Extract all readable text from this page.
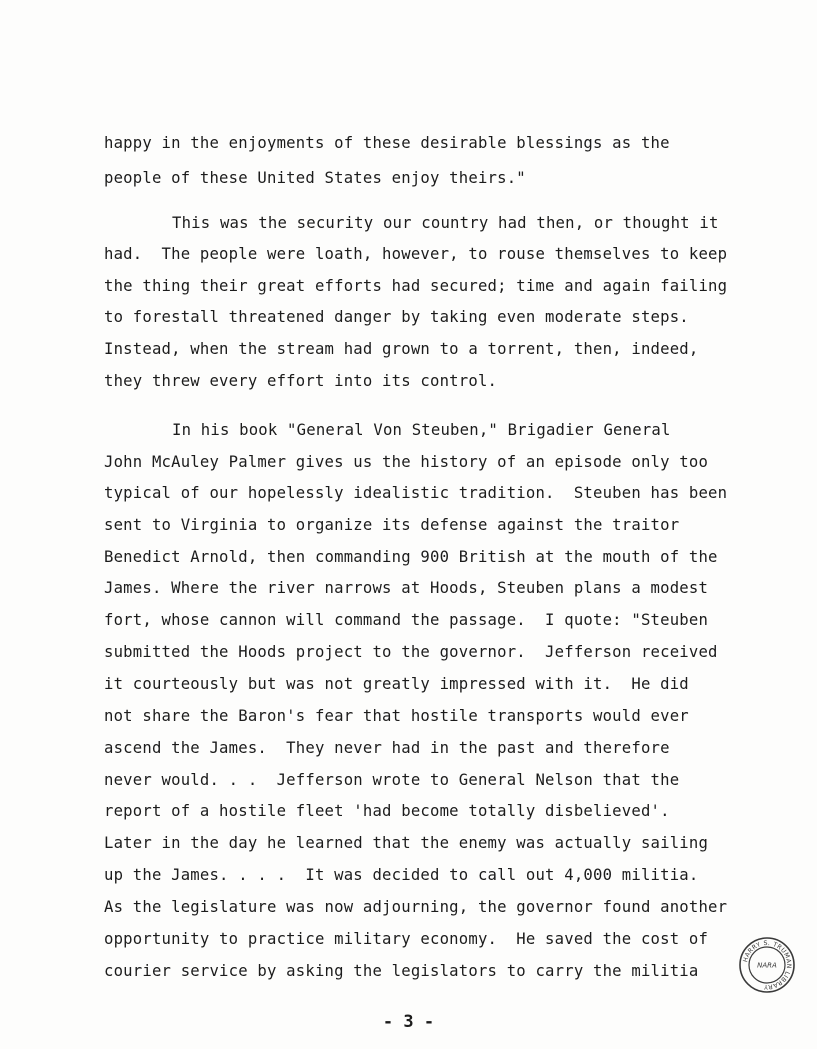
happy in the enjoyments of these desirable blessings as the
people of these United States enjoy theirs."
This was the security our country had then, or thought it
had.  The people were loath, however, to rouse themselves to keep
the thing their great efforts had secured; time and again failing
to forestall threatened danger by taking even moderate steps.
Instead, when the stream had grown to a torrent, then, indeed,
they threw every effort into its control.
In his book "General Von Steuben," Brigadier General
John McAuley Palmer gives us the history of an episode only too
typical of our hopelessly idealistic tradition.  Steuben has been
sent to Virginia to organize its defense against the traitor
Benedict Arnold, then commanding 900 British at the mouth of the
James. Where the river narrows at Hoods, Steuben plans a modest
fort, whose cannon will command the passage.  I quote: "Steuben
submitted the Hoods project to the governor.  Jefferson received
it courteously but was not greatly impressed with it.  He did
not share the Baron's fear that hostile transports would ever
ascend the James.  They never had in the past and therefore
never would. . .  Jefferson wrote to General Nelson that the
report of a hostile fleet 'had become totally disbelieved'.
Later in the day he learned that the enemy was actually sailing
up the James. . . .  It was decided to call out 4,000 militia.
As the legislature was now adjourning, the governor found another
opportunity to practice military economy.  He saved the cost of
courier service by asking the legislators to carry the militia
- 3 -
HARRY S. TRUMAN LIBRARY
NARA
